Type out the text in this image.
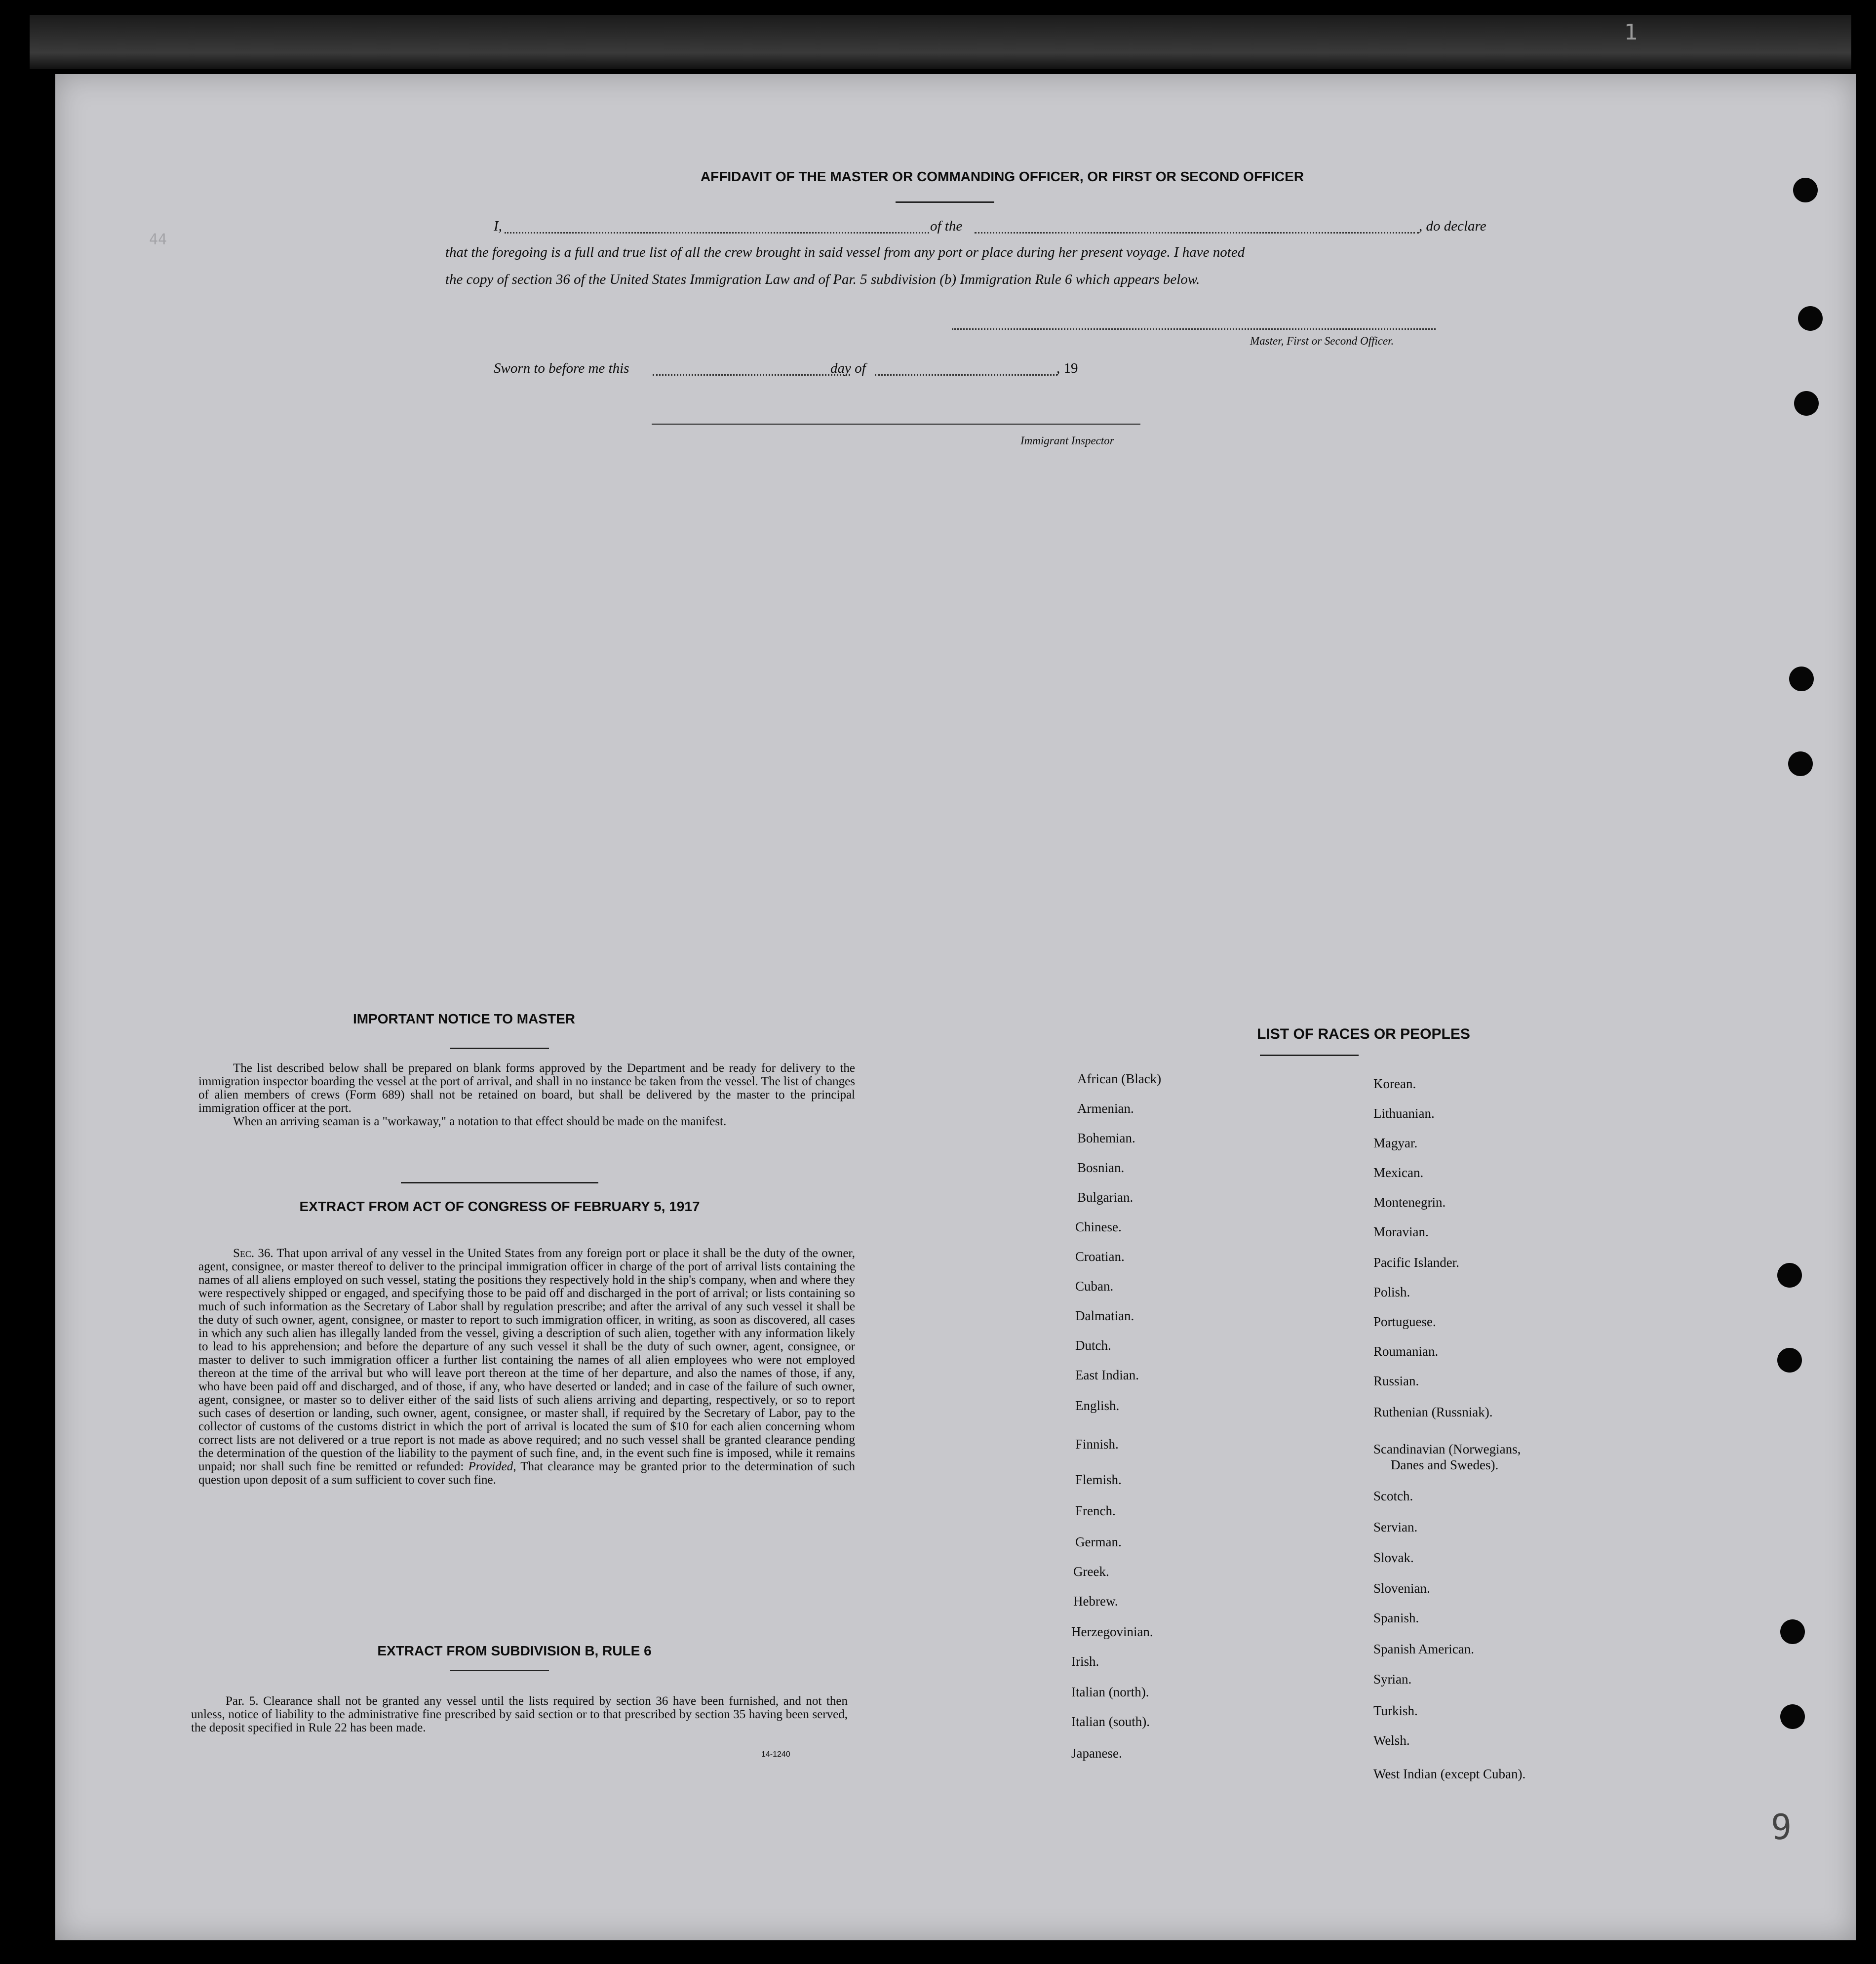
AFFIDAVIT OF THE MASTER OR COMMANDING OFFICER, OR FIRST OR SECOND OFFICER
I,	of the	, do declare
that the foregoing is a full and true list of all the crew brought in said vessel from any port or place during her present voyage. I have noted
the copy of section 36 of the United States Immigration Law and of Par. 5 subdivision (b) Immigration Rule 6 which appears below.
Master, First or Second Officer.
Sworn to before me this	day of	, 19
Immigrant Inspector
IMPORTANT NOTICE TO MASTER

The list described below shall be prepared on blank forms approved by the Department and be ready for delivery to the immigration inspector boarding the vessel at the port of arrival, and shall in no instance be taken from the vessel. The list of changes of alien members of crews (Form 689) shall not be retained on board, but shall be delivered by the master to the principal immigration officer at the port.

When an arriving seaman is a "workaway," a notation to that effect should be made on the manifest.

EXTRACT FROM ACT OF CONGRESS OF FEBRUARY 5, 1917

Sec. 36. That upon arrival of any vessel in the United States from any foreign port or place it shall be the duty of the owner, agent, consignee, or master thereof to deliver to the principal immigration officer in charge of the port of arrival lists containing the names of all aliens employed on such vessel, stating the positions they respectively hold in the ship's company, when and where they were respectively shipped or engaged, and specifying those to be paid off and discharged in the port of arrival; or lists containing so much of such information as the Secretary of Labor shall by regulation prescribe; and after the arrival of any such vessel it shall be the duty of such owner, agent, consignee, or master to report to such immigration officer, in writing, as soon as discovered, all cases in which any such alien has illegally landed from the vessel, giving a description of such alien, together with any information likely to lead to his apprehension; and before the departure of any such vessel it shall be the duty of such owner, agent, consignee, or master to deliver to such immigration officer a further list containing the names of all alien employees who were not employed thereon at the time of the arrival but who will leave port thereon at the time of her departure, and also the names of those, if any, who have been paid off and discharged, and of those, if any, who have deserted or landed; and in case of the failure of such owner, agent, consignee, or master so to deliver either of the said lists of such aliens arriving and departing, respectively, or so to report such cases of desertion or landing, such owner, agent, consignee, or master shall, if required by the Secretary of Labor, pay to the collector of customs of the customs district in which the port of arrival is located the sum of $10 for each alien concerning whom correct lists are not delivered or a true report is not made as above required; and no such vessel shall be granted clearance pending the determination of the question of the liability to the payment of such fine, and, in the event such fine is imposed, while it remains unpaid; nor shall such fine be remitted or refunded: Provided, That clearance may be granted prior to the determination of such question upon deposit of a sum sufficient to cover such fine.

EXTRACT FROM SUBDIVISION B, RULE 6

Par. 5. Clearance shall not be granted any vessel until the lists required by section 36 have been furnished, and not then unless, notice of liability to the administrative fine prescribed by said section or to that prescribed by section 35 having been served, the deposit specified in Rule 22 has been made.

14-1240
LIST OF RACES OR PEOPLES
44
9
African (Black)
Armenian.
Bohemian.
Bosnian.
Bulgarian.
Chinese.
Croatian.
Cuban.
Dalmatian.
Dutch.
East Indian.
English.
Finnish.
Flemish.
French.
German.
Greek.
Hebrew.
Herzegovinian.
Irish.
Italian (north).
Italian (south).
Japanese.
Korean.
Lithuanian.
Magyar.
Mexican.
Montenegrin.
Moravian.
Pacific Islander.
Polish.
Portuguese.
Roumanian.
Russian.
Ruthenian (Russniak).
Scandinavian (Norwegians,
Danes and Swedes).
Scotch.
Servian.
Slovak.
Slovenian.
Spanish.
Spanish American.
Syrian.
Turkish.
Welsh.
West Indian (except Cuban).
1
